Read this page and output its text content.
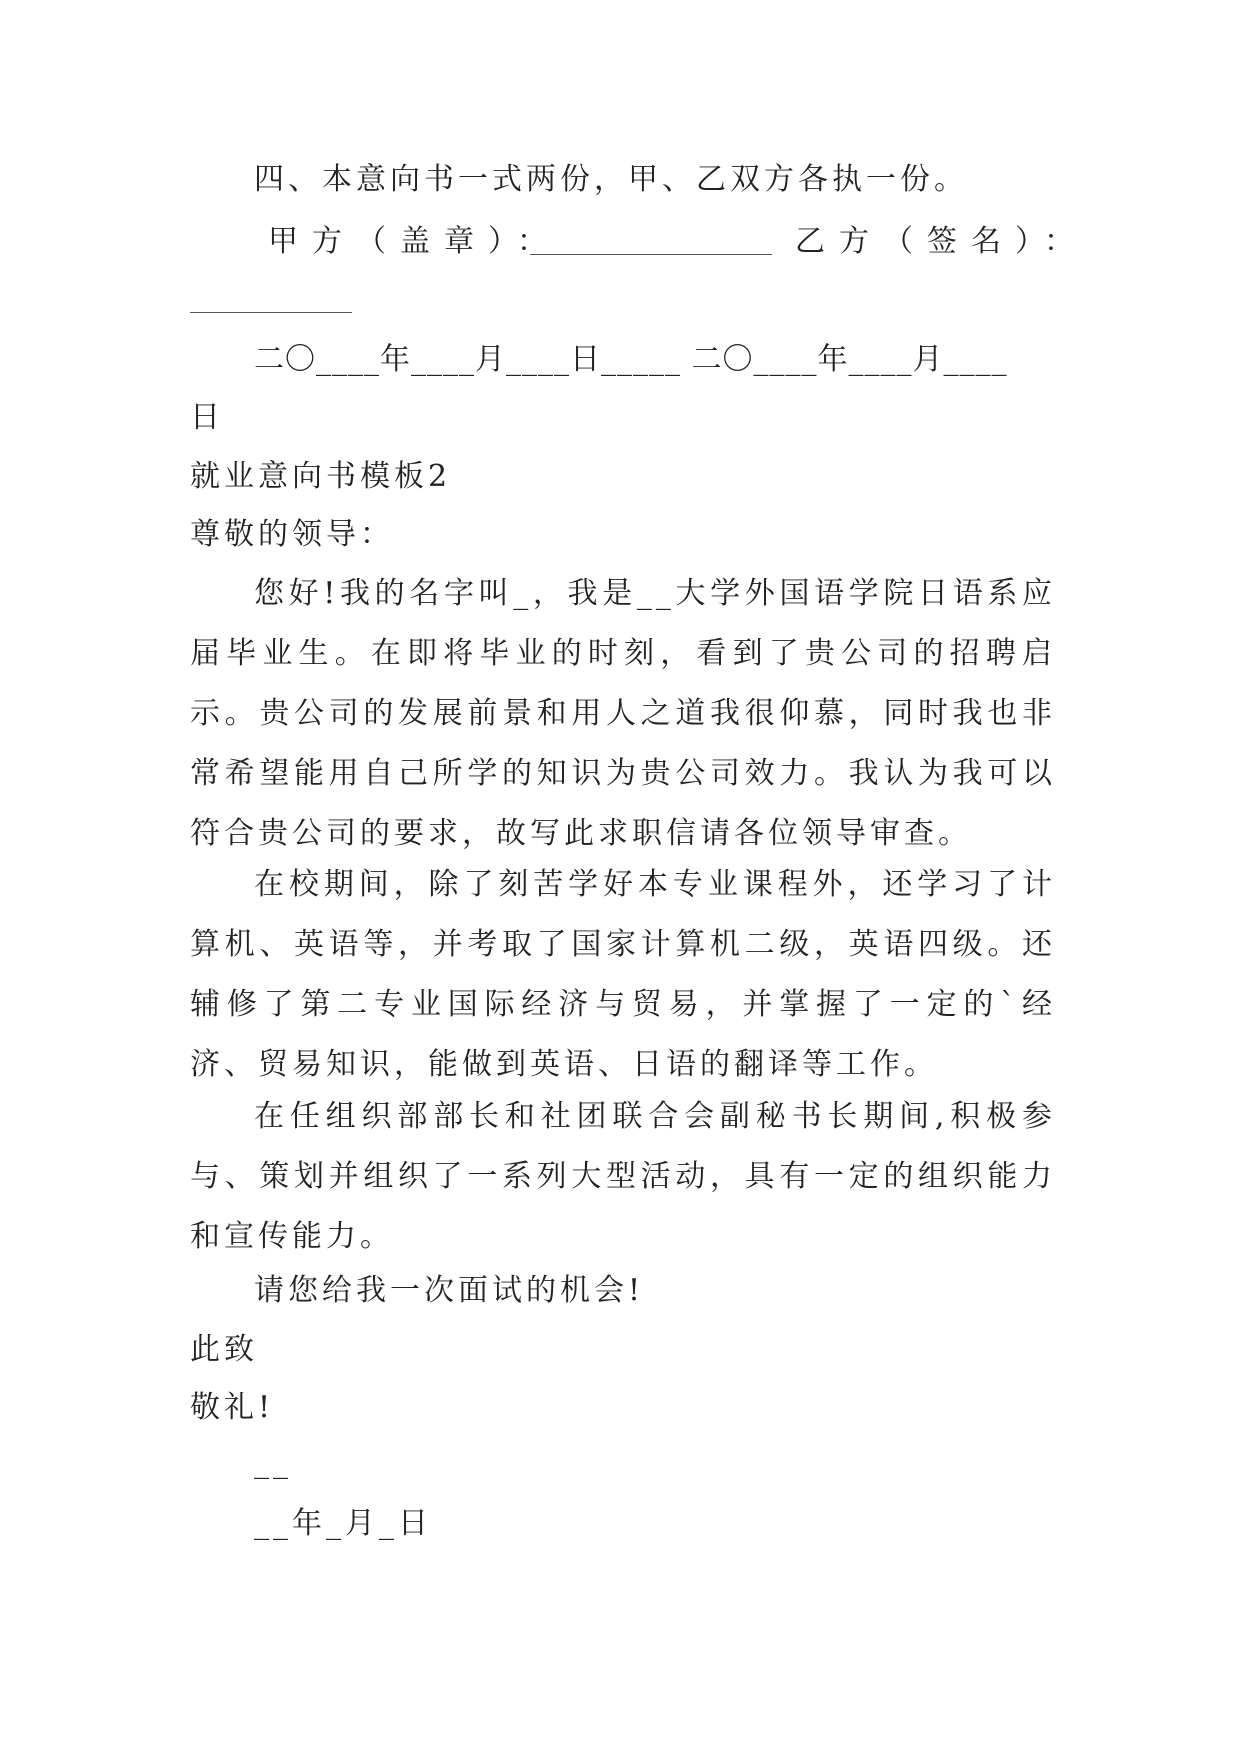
四、本意向书一式两份，甲、乙双方各执一份。
甲方（盖章）：	乙方（签名）：
二〇____年____月____日_____ 二〇____年____月____
日
就业意向书模板2
尊敬的领导：
您好!我的名字叫_，我是__大学外国语学院日语系应届毕业生。在即将毕业的时刻，看到了贵公司的招聘启示。贵公司的发展前景和用人之道我很仰慕，同时我也非常希望能用自己所学的知识为贵公司效力。我认为我可以符合贵公司的要求，故写此求职信请各位领导审查。
在校期间，除了刻苦学好本专业课程外，还学习了计算机、英语等，并考取了国家计算机二级，英语四级。还辅修了第二专业国际经济与贸易，并掌握了一定的`经济、贸易知识，能做到英语、日语的翻译等工作。
在任组织部部长和社团联合会副秘书长期间,积极参与、策划并组织了一系列大型活动，具有一定的组织能力和宣传能力。
请您给我一次面试的机会!
此致
敬礼!
__
__年_月_日
